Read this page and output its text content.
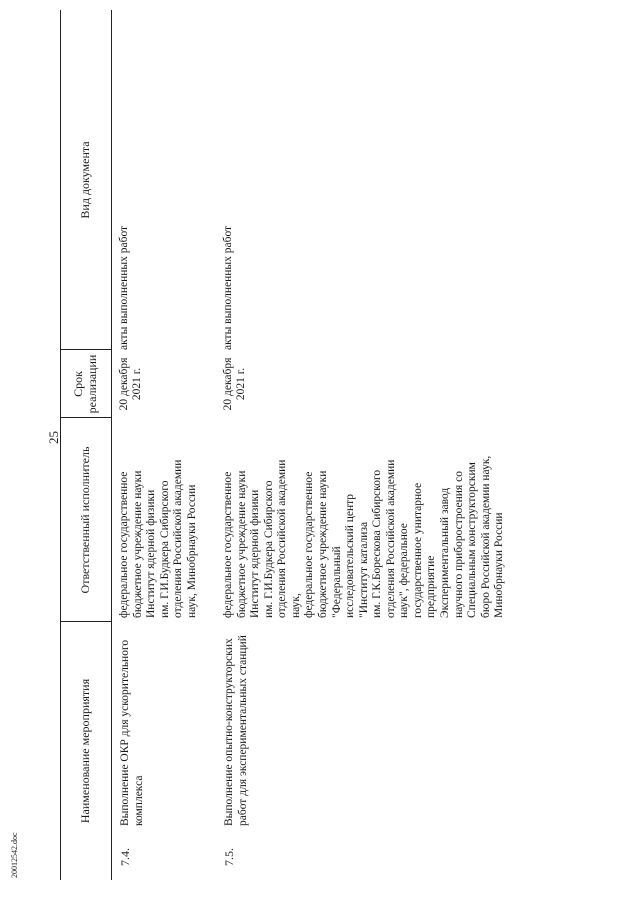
25
20012542.doc
Наименование мероприятия
Ответственный исполнитель
Срок реализации
Вид документа
7.4.
Выполнение ОКР для ускорительного комплекса
федеральное государственное бюджетное учреждение науки Институт ядерной физики им. Г.И.Будкера Сибирского отделения Российской академии наук, Минобрнауки России
20 декабря 2021 г.
акты выполненных работ
7.5.
Выполнение опытно-конструкторских работ для экспериментальных станций
федеральное государственное бюджетное учреждение науки Институт ядерной физики им. Г.И.Будкера Сибирского отделения Российской академии наук, федеральное государственное бюджетное учреждение науки "Федеральный исследовательский центр "Институт катализа им. Г.К.Борескова Сибирского отделения Российской академии наук", федеральное государственное унитарное предприятие Экспериментальный завод научного приборостроения со Специальным конструкторским бюро Российской академии наук, Минобрнауки России
20 декабря 2021 г.
акты выполненных работ
